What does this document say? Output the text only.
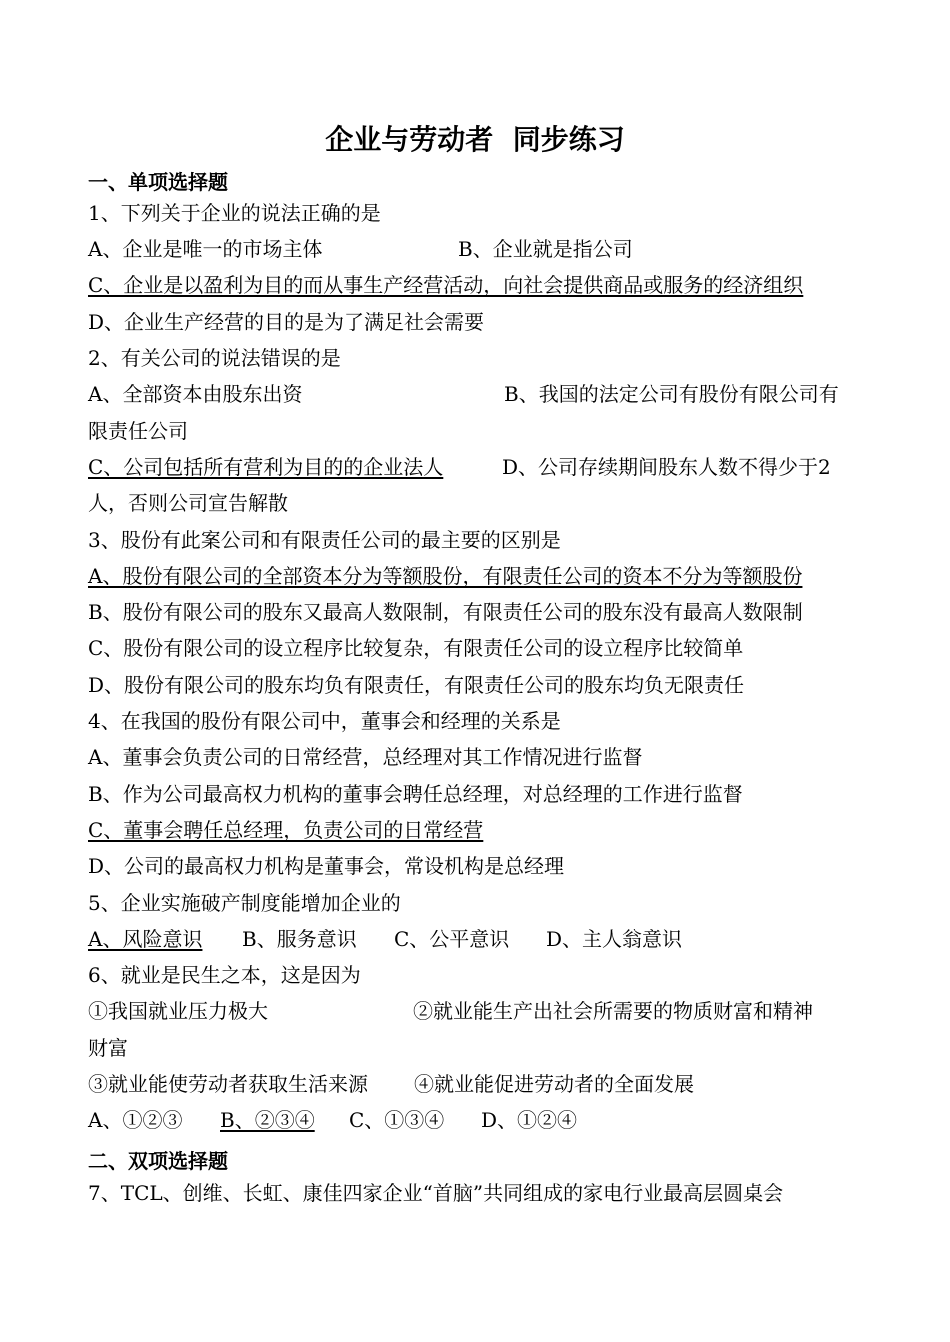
企业与劳动者  同步练习
一、单项选择题
1、下列关于企业的说法正确的是
A、企业是唯一的市场主体	B、企业就是指公司
C、企业是以盈利为目的而从事生产经营活动，向社会提供商品或服务的经济组织
D、企业生产经营的目的是为了满足社会需要
2、有关公司的说法错误的是
A、全部资本由股东出资	B、我国的法定公司有股份有限公司有
限责任公司
C、公司包括所有营利为目的的企业法人	D、公司存续期间股东人数不得少于2
人，否则公司宣告解散
3、股份有此案公司和有限责任公司的最主要的区别是
A、股份有限公司的全部资本分为等额股份，有限责任公司的资本不分为等额股份
B、股份有限公司的股东又最高人数限制，有限责任公司的股东没有最高人数限制
C、股份有限公司的设立程序比较复杂，有限责任公司的设立程序比较简单
D、股份有限公司的股东均负有限责任，有限责任公司的股东均负无限责任
4、在我国的股份有限公司中，董事会和经理的关系是
A、董事会负责公司的日常经营，总经理对其工作情况进行监督
B、作为公司最高权力机构的董事会聘任总经理，对总经理的工作进行监督
C、董事会聘任总经理，负责公司的日常经营
D、公司的最高权力机构是董事会，常设机构是总经理
5、企业实施破产制度能增加企业的
A、风险意识 B、服务意识 C、公平意识 D、主人翁意识
6、就业是民生之本，这是因为
①我国就业压力极大	②就业能生产出社会所需要的物质财富和精神
财富
③就业能使劳动者获取生活来源 ④就业能促进劳动者的全面发展
A、①②③ B、②③④ C、①③④ D、①②④
二、双项选择题
7、TCL、创维、长虹、康佳四家企业“首脑”共同组成的家电行业最高层圆桌会
